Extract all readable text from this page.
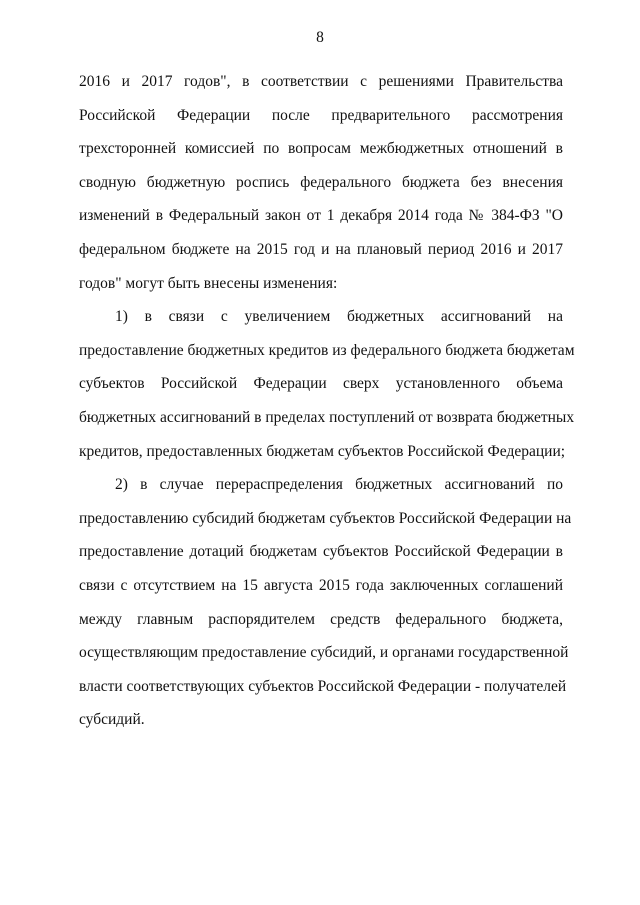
8
2016 и 2017 годов", в соответствии с решениями Правительства
Российской Федерации после предварительного рассмотрения
трехсторонней комиссией по вопросам межбюджетных отношений в
сводную бюджетную роспись федерального бюджета без внесения
изменений в Федеральный закон от 1 декабря 2014 года № 384-ФЗ "О
федеральном бюджете на 2015 год и на плановый период 2016 и 2017
годов" могут быть внесены изменения:
1) в связи с увеличением бюджетных ассигнований на
предоставление бюджетных кредитов из федерального бюджета бюджетам
субъектов Российской Федерации сверх установленного объема
бюджетных ассигнований в пределах поступлений от возврата бюджетных
кредитов, предоставленных бюджетам субъектов Российской Федерации;
2) в случае перераспределения бюджетных ассигнований по
предоставлению субсидий бюджетам субъектов Российской Федерации на
предоставление дотаций бюджетам субъектов Российской Федерации в
связи с отсутствием на 15 августа 2015 года заключенных соглашений
между главным распорядителем средств федерального бюджета,
осуществляющим предоставление субсидий, и органами государственной
власти соответствующих субъектов Российской Федерации - получателей
субсидий.
